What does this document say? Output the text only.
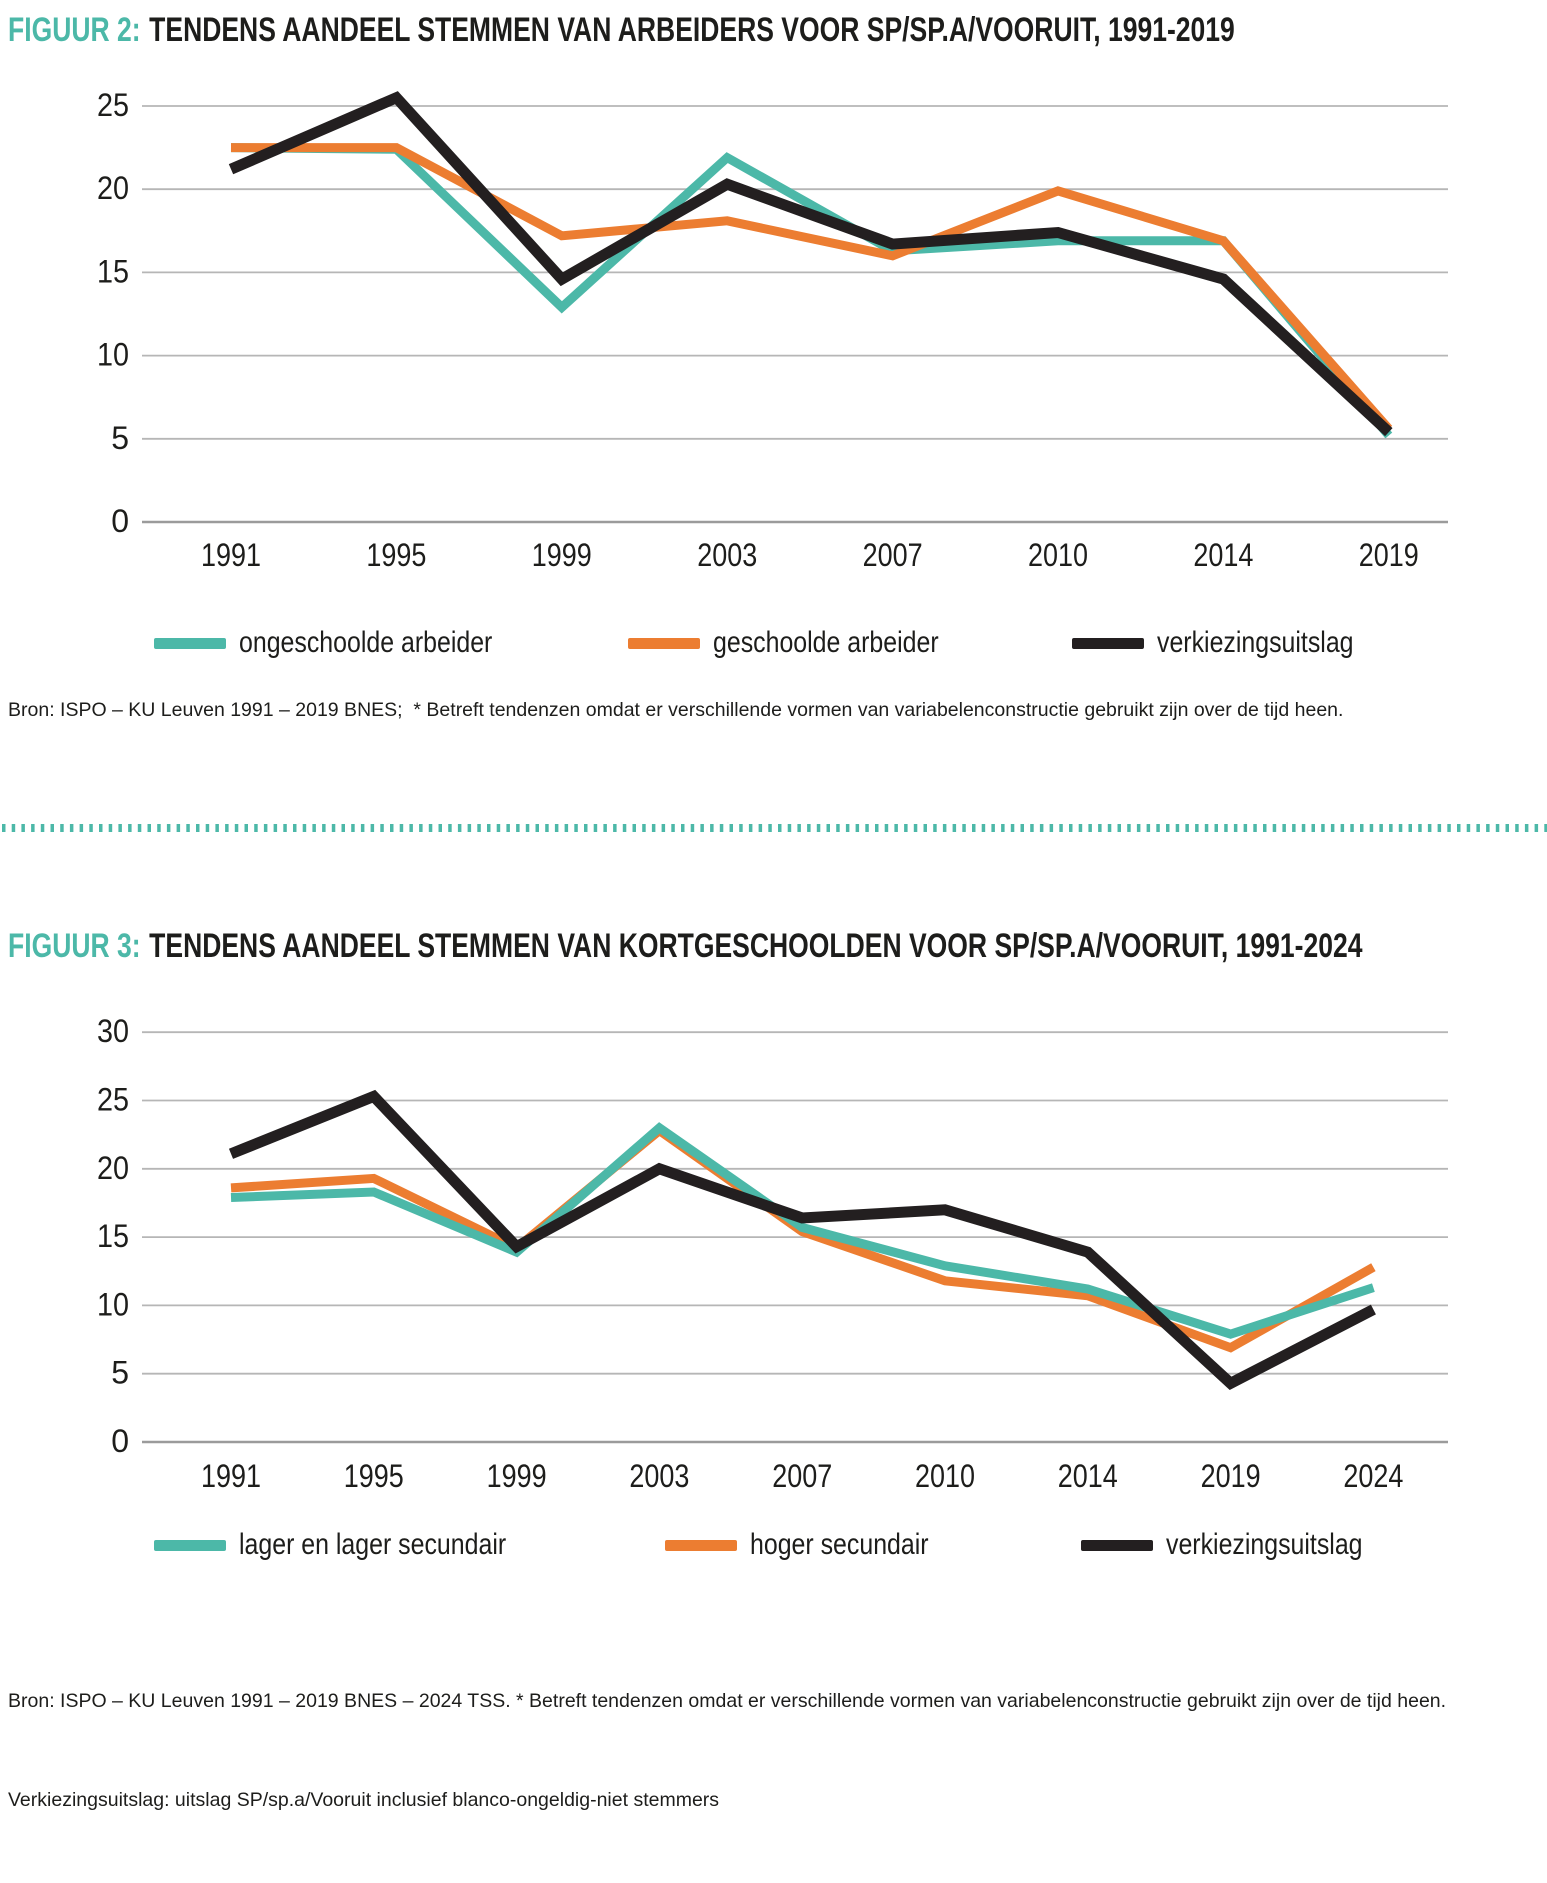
FIGUUR 2: TENDENS AANDEEL STEMMEN VAN ARBEIDERS VOOR SP/SP.A/VOORUIT, 1991-2019
0
5
10
15
20
25
1991	1995	1999	2003	2007	2010	2014	2019
ongeschoolde arbeider	geschoolde arbeider	verkiezingsuitslag
Bron: ISPO – KU Leuven 1991 – 2019 BNES;  * Betreft tendenzen omdat er verschillende vormen van variabelenconstructie gebruikt zijn over de tijd heen.
FIGUUR 3: TENDENS AANDEEL STEMMEN VAN KORTGESCHOOLDEN VOOR SP/SP.A/VOORUIT, 1991-2024
0
5
10
15
20
25
30
1991	1995	1999	2003	2007	2010	2014	2019	2024
lager en lager secundair	hoger secundair	verkiezingsuitslag

Bron: ISPO – KU Leuven 1991 – 2019 BNES – 2024 TSS. * Betreft tendenzen omdat er verschillende vormen van variabelenconstructie gebruikt zijn over de tijd heen.

Verkiezingsuitslag: uitslag SP/sp.a/Vooruit inclusief blanco-ongeldig-niet stemmers
